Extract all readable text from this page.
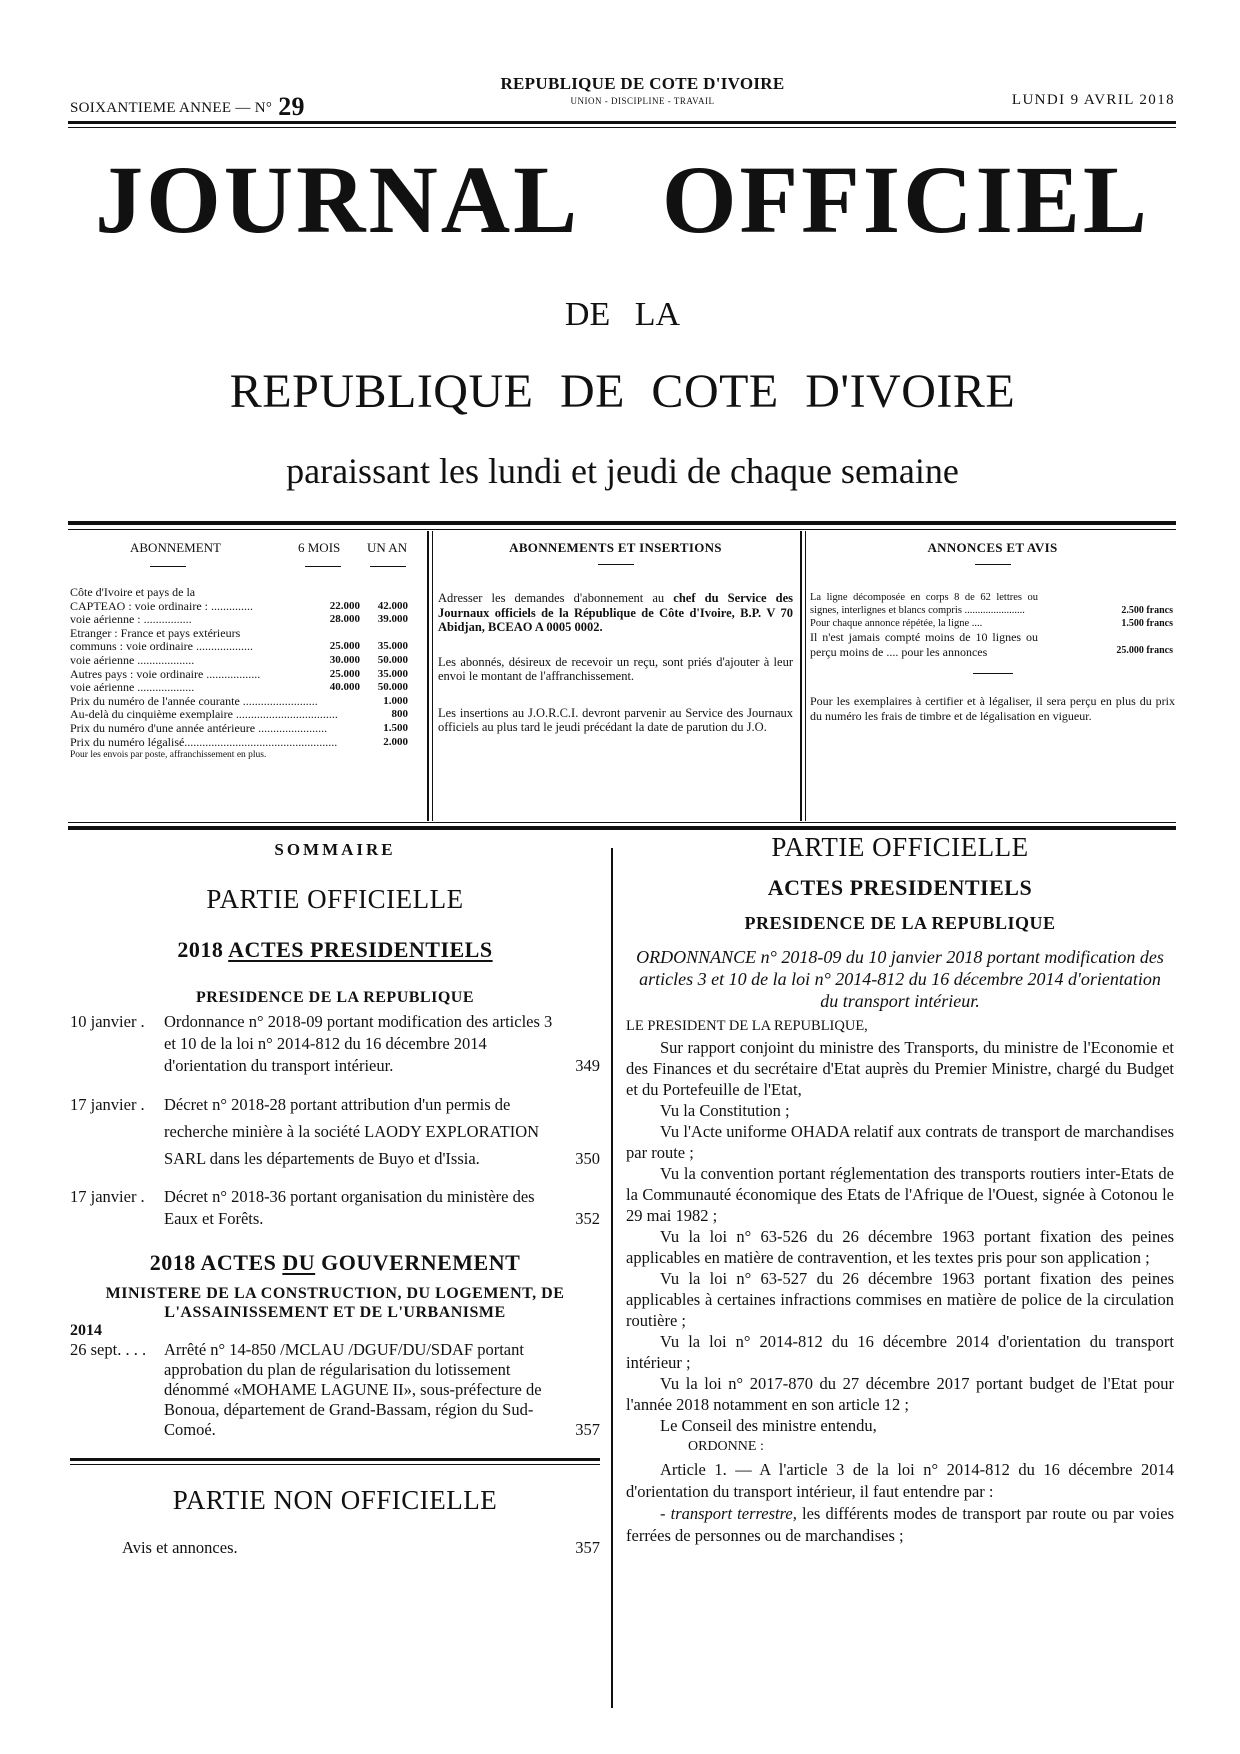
SOIXANTIEME ANNEE — N° 29
REPUBLIQUE DE COTE D'IVOIRE
UNION - DISCIPLINE - TRAVAIL	LUNDI 9 AVRIL 2018
JOURNAL OFFICIEL
DE LA
REPUBLIQUE DE COTE D'IVOIRE
paraissant les lundi et jeudi de chaque semaine
ABONNEMENT	6 MOIS UN AN
Côte d'Ivoire et pays de la
CAPTEAO : voie ordinaire : ..............	22.000 42.000
voie aérienne : ................	28.000 39.000
Etranger : France et pays extérieurs
communs : voie ordinaire ...................	25.000 35.000
voie aérienne ...................	30.000 50.000
Autres pays : voie ordinaire ..................	25.000 35.000
voie aérienne ...................	40.000 50.000
Prix du numéro de l'année courante .........................	1.000
Au-delà du cinquième exemplaire ..................................	800
Prix du numéro d'une année antérieure .......................	1.500
Prix du numéro légalisé...................................................	2.000
Pour les envois par poste, affranchissement en plus.
ABONNEMENTS ET INSERTIONS

Adresser les demandes d'abonnement au chef du Service des Journaux officiels de la République de Côte d'Ivoire, B.P. V 70 Abidjan, BCEAO A 0005 0002.

Les abonnés, désireux de recevoir un reçu, sont priés d'ajouter à leur envoi le montant de l'affranchissement.

Les insertions au J.O.R.C.I. devront parvenir au Service des Journaux officiels au plus tard le jeudi précédant la date de parution du J.O.

ANNONCES ET AVIS
La ligne décomposée en corps 8 de 62 lettres ou signes, interlignes et blancs compris .......................	2.500 francs
Pour chaque annonce répétée, la ligne ....	1.500 francs
Il n'est jamais compté moins de 10 lignes ou perçu moins de .... pour les annonces	25.000 francs

Pour les exemplaires à certifier et à légaliser, il sera perçu en plus du prix du numéro les frais de timbre et de légalisation en vigueur.

SOMMAIRE
PARTIE OFFICIELLE
2018 ACTES PRESIDENTIELS
PRESIDENCE DE LA REPUBLIQUE
10 janvier . Ordonnance n° 2018-09 portant modification des articles 3 et 10 de la loi n° 2014-812 du 16 décembre 2014 d'orientation du transport intérieur.	349
17 janvier . Décret n° 2018-28 portant attribution d'un permis de recherche minière à la société LAODY EXPLORATION SARL dans les départements de Buyo et d'Issia.	350
17 janvier . Décret n° 2018-36 portant organisation du ministère des Eaux et Forêts.	352
2018 ACTES DU GOUVERNEMENT
MINISTERE DE LA CONSTRUCTION, DU LOGEMENT, DE L'ASSAINISSEMENT ET DE L'URBANISME
2014
26 sept. . . . Arrêté n° 14-850 /MCLAU /DGUF/DU/SDAF portant approbation du plan de régularisation du lotissement dénommé «MOHAME LAGUNE II», sous-préfecture de Bonoua, département de Grand-Bassam, région du Sud-Comoé.	357
PARTIE NON OFFICIELLE
Avis et annonces.	357
PARTIE OFFICIELLE
ACTES PRESIDENTIELS
PRESIDENCE DE LA REPUBLIQUE

ORDONNANCE n° 2018-09 du 10 janvier 2018 portant modification des articles 3 et 10 de la loi n° 2014-812 du 16 décembre 2014 d'orientation du transport intérieur.

LE PRESIDENT DE LA REPUBLIQUE,

Sur rapport conjoint du ministre des Transports, du ministre de l'Economie et des Finances et du secrétaire d'Etat auprès du Premier Ministre, chargé du Budget et du Portefeuille de l'Etat,

Vu la Constitution ;

Vu l'Acte uniforme OHADA relatif aux contrats de transport de marchandises par route ;

Vu la convention portant réglementation des transports routiers inter-Etats de la Communauté économique des Etats de l'Afrique de l'Ouest, signée à Cotonou le 29 mai 1982 ;

Vu la loi n° 63-526 du 26 décembre 1963 portant fixation des peines applicables en matière de contravention, et les textes pris pour son application ;

Vu la loi n° 63-527 du 26 décembre 1963 portant fixation des peines applicables à certaines infractions commises en matière de police de la circulation routière ;

Vu la loi n° 2014-812 du 16 décembre 2014 d'orientation du transport intérieur ;

Vu la loi n° 2017-870 du 27 décembre 2017 portant budget de l'Etat pour l'année 2018 notamment en son article 12 ;

Le Conseil des ministre entendu,

ORDONNE :

Article 1. — A l'article 3 de la loi n° 2014-812 du 16 décembre 2014 d'orientation du transport intérieur, il faut entendre par :

- transport terrestre, les différents modes de transport par route ou par voies ferrées de personnes ou de marchandises ;
